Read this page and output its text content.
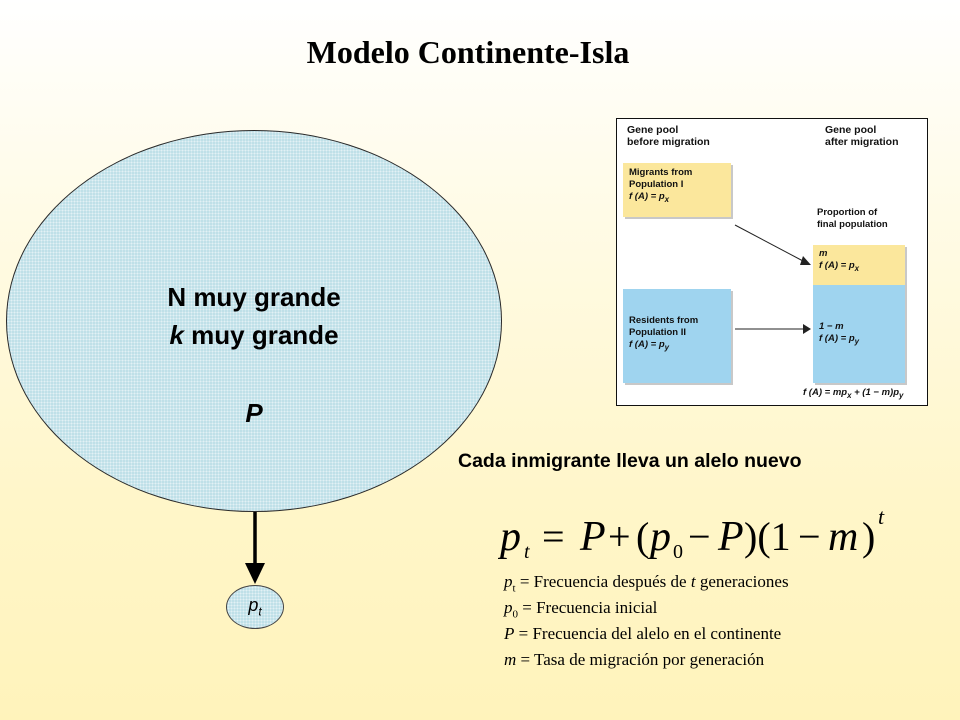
Modelo Continente-Isla
N muy grande
k muy grande
P
$p_t$
Gene pool
before migration
Gene pool
after migration
Migrants from
Population I
f $(A) = p_x$
Residents from
Population II
f $(A) = p_y$
Proportion of
final population
m
f $(A) = p_x$
1 − m
f $(A) = p_y$
f $(A) = mp_x + (1 - m)p_y$
Cada inmigrante lleva un alelo nuevo
p t = P + ( p 0 − P )(1 − m ) t
$p_t$ = Frecuencia después de t generaciones
$p_0$ = Frecuencia inicial
P = Frecuencia del alelo en el continente
m = Tasa de migración por generación
